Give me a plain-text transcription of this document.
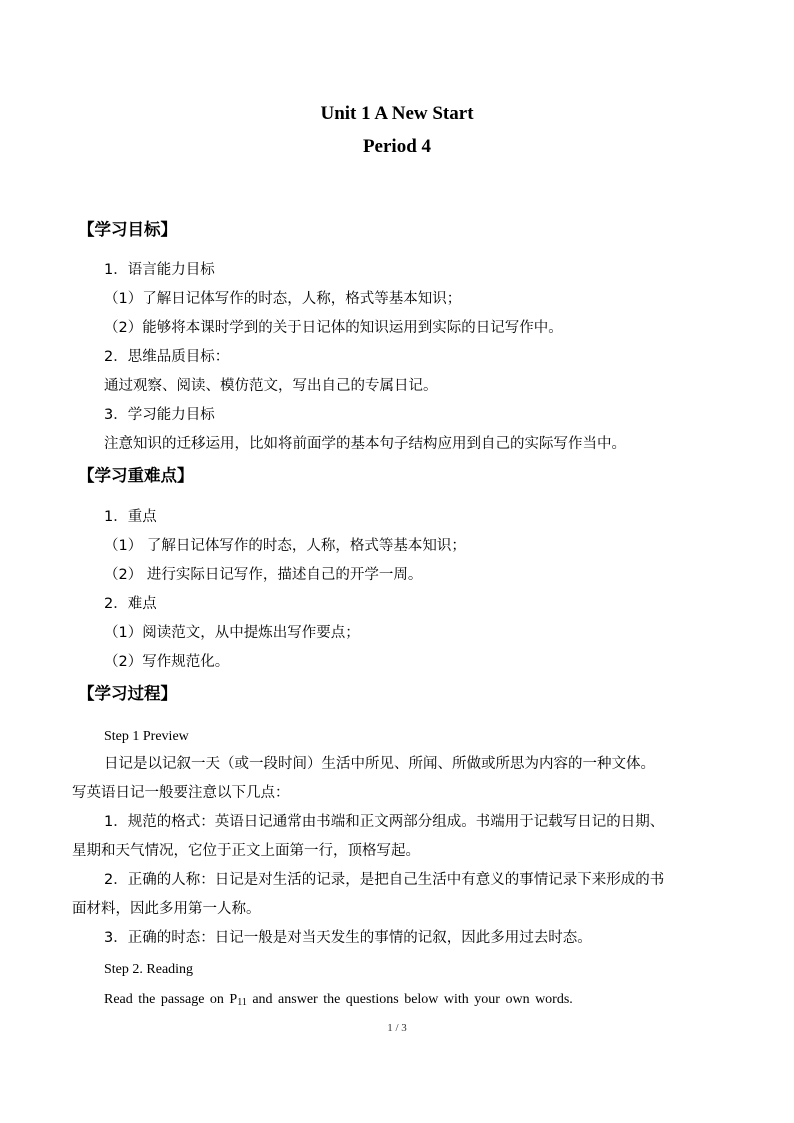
Unit 1 A New Start
Period 4
【学习目标】
1．语言能力目标
（1）了解日记体写作的时态，人称，格式等基本知识；
（2）能够将本课时学到的关于日记体的知识运用到实际的日记写作中。
2．思维品质目标：
通过观察、阅读、模仿范文，写出自己的专属日记。
3．学习能力目标
注意知识的迁移运用，比如将前面学的基本句子结构应用到自己的实际写作当中。
【学习重难点】
1．重点
（1） 了解日记体写作的时态，人称，格式等基本知识；
（2） 进行实际日记写作，描述自己的开学一周。
2．难点
（1）阅读范文，从中提炼出写作要点；
（2）写作规范化。
【学习过程】
Step 1 Preview
日记是以记叙一天（或一段时间）生活中所见、所闻、所做或所思为内容的一种文体。
写英语日记一般要注意以下几点：
1．规范的格式：英语日记通常由书端和正文两部分组成。书端用于记载写日记的日期、
星期和天气情况，它位于正文上面第一行，顶格写起。
2．正确的人称：日记是对生活的记录，是把自己生活中有意义的事情记录下来形成的书
面材料，因此多用第一人称。
3．正确的时态：日记一般是对当天发生的事情的记叙，因此多用过去时态。
Step 2. Reading
Read the passage on $P_{11}$ and answer the questions below with your own words.
1 / 3
